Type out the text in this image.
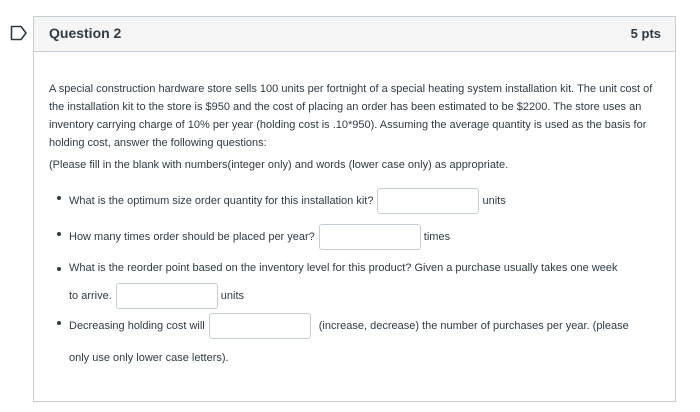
Question 2	5 pts

A special construction hardware store sells 100 units per fortnight of a special heating system installation kit. The unit cost of the installation kit to the store is $950 and the cost of placing an order has been estimated to be $2200. The store uses an inventory carrying charge of 10% per year (holding cost is .10*950). Assuming the average quantity is used as the basis for holding cost, answer the following questions:

(Please fill in the blank with numbers(integer only) and words (lower case only) as appropriate.

What is the optimum size order quantity for this installation kit?	units
How many times order should be placed per year?	times
What is the reorder point based on the inventory level for this product? Given a purchase usually takes one week
to arrive.	units
Decreasing holding cost will	(increase, decrease) the number of purchases per year. (please
only use only lower case letters).
